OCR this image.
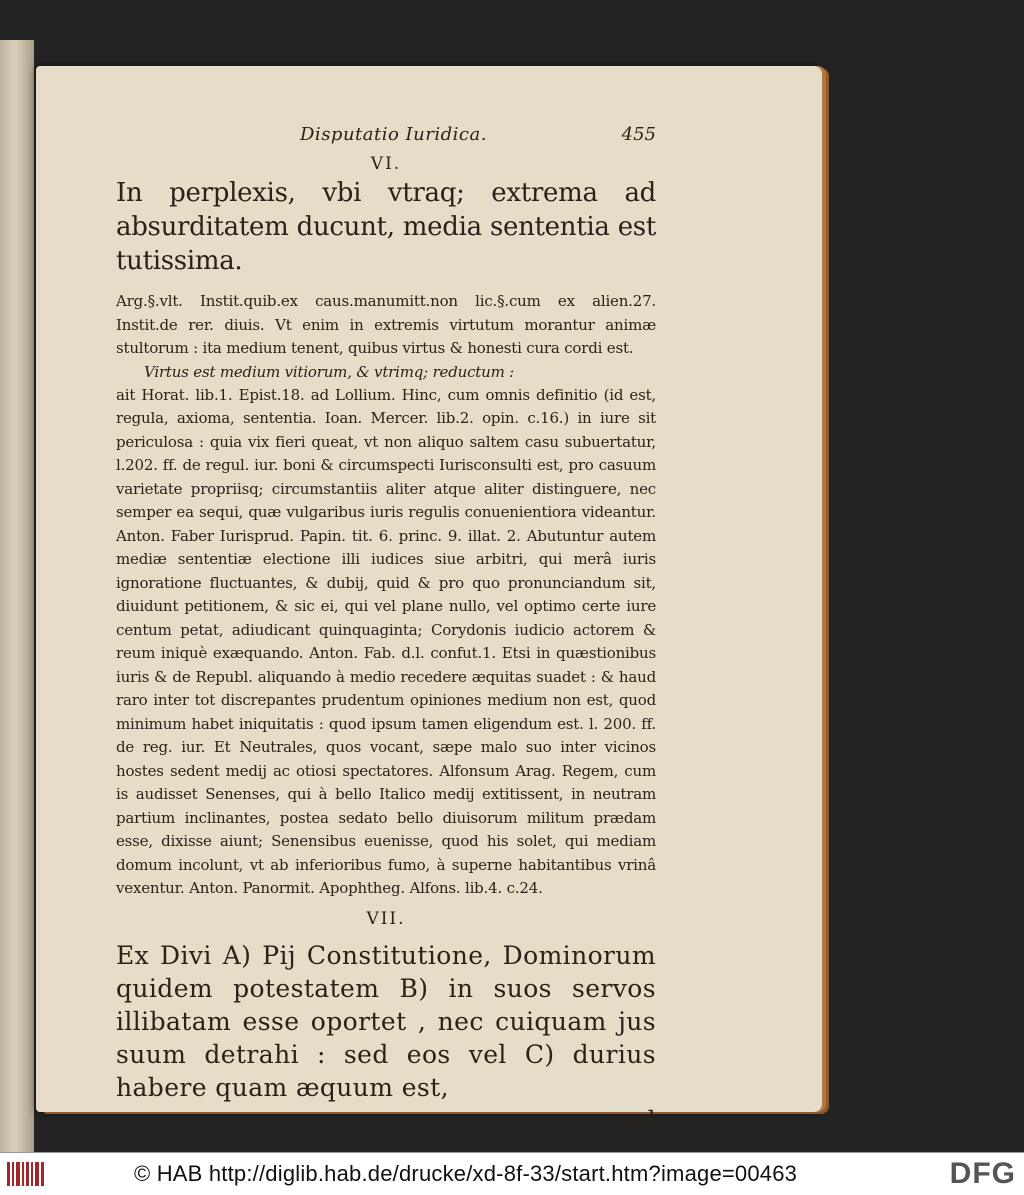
Disputatio Iuridica.	455
VI.
In perplexis, vbi vtraq; extrema ad absurditatem ducunt, media sententia est tutissima.

Arg.§.vlt. Instit.quib.ex caus.manumitt.non lic.§.cum ex alien.27. Instit.de rer. diuis. Vt enim in extremis virtutum morantur animæ stultorum : ita medium tenent, quibus virtus & honesti cura cordi est.

Virtus est medium vitiorum, & vtrimq; reductum :

ait Horat. lib.1. Epist.18. ad Lollium. Hinc, cum omnis definitio (id est, regula, axioma, sententia. Ioan. Mercer. lib.2. opin. c.16.) in iure sit periculosa : quia vix fieri queat, vt non aliquo saltem casu subuertatur, l.202. ff. de regul. iur. boni & circumspecti Iurisconsulti est, pro casuum varietate propriisq; circumstantiis aliter atque aliter distinguere, nec semper ea sequi, quæ vulgaribus iuris regulis conuenientiora videantur. Anton. Faber Iurisprud. Papin. tit. 6. princ. 9. illat. 2. Abutuntur autem mediæ sententiæ electione illi iudices siue arbitri, qui merâ iuris ignoratione fluctuantes, & dubij, quid & pro quo pronunciandum sit, diuidunt petitionem, & sic ei, qui vel plane nullo, vel optimo certe iure centum petat, adiudicant quinquaginta; Corydonis iudicio actorem & reum iniquè exæquando. Anton. Fab. d.l. confut.1. Etsi in quæstionibus iuris & de Republ. aliquando à medio recedere æquitas suadet : & haud raro inter tot discrepantes prudentum opiniones medium non est, quod minimum habet iniquitatis : quod ipsum tamen eligendum est. l. 200. ff. de reg. iur. Et Neutrales, quos vocant, sæpe malo suo inter vicinos hostes sedent medij ac otiosi spectatores. Alfonsum Arag. Regem, cum is audisset Senenses, qui à bello Italico medij extitissent, in neutram partium inclinantes, postea sedato bello diuisorum militum prædam esse, dixisse aiunt; Senensibus euenisse, quod his solet, qui mediam domum incolunt, vt ab inferioribus fumo, à superne habitantibus vrinâ vexentur. Anton. Panormit. Apophtheg. Alfons. lib.4. c.24.

VII.
Ex Divi A) Pij Constitutione, Dominorum quidem potestatem B) in suos servos illibatam esse oportet , nec cuiquam jus suum detrahi : sed eos vel C) durius habere quam æquum est,
vel
© HAB http://diglib.hab.de/drucke/xd-8f-33/start.htm?image=00463	DFG
